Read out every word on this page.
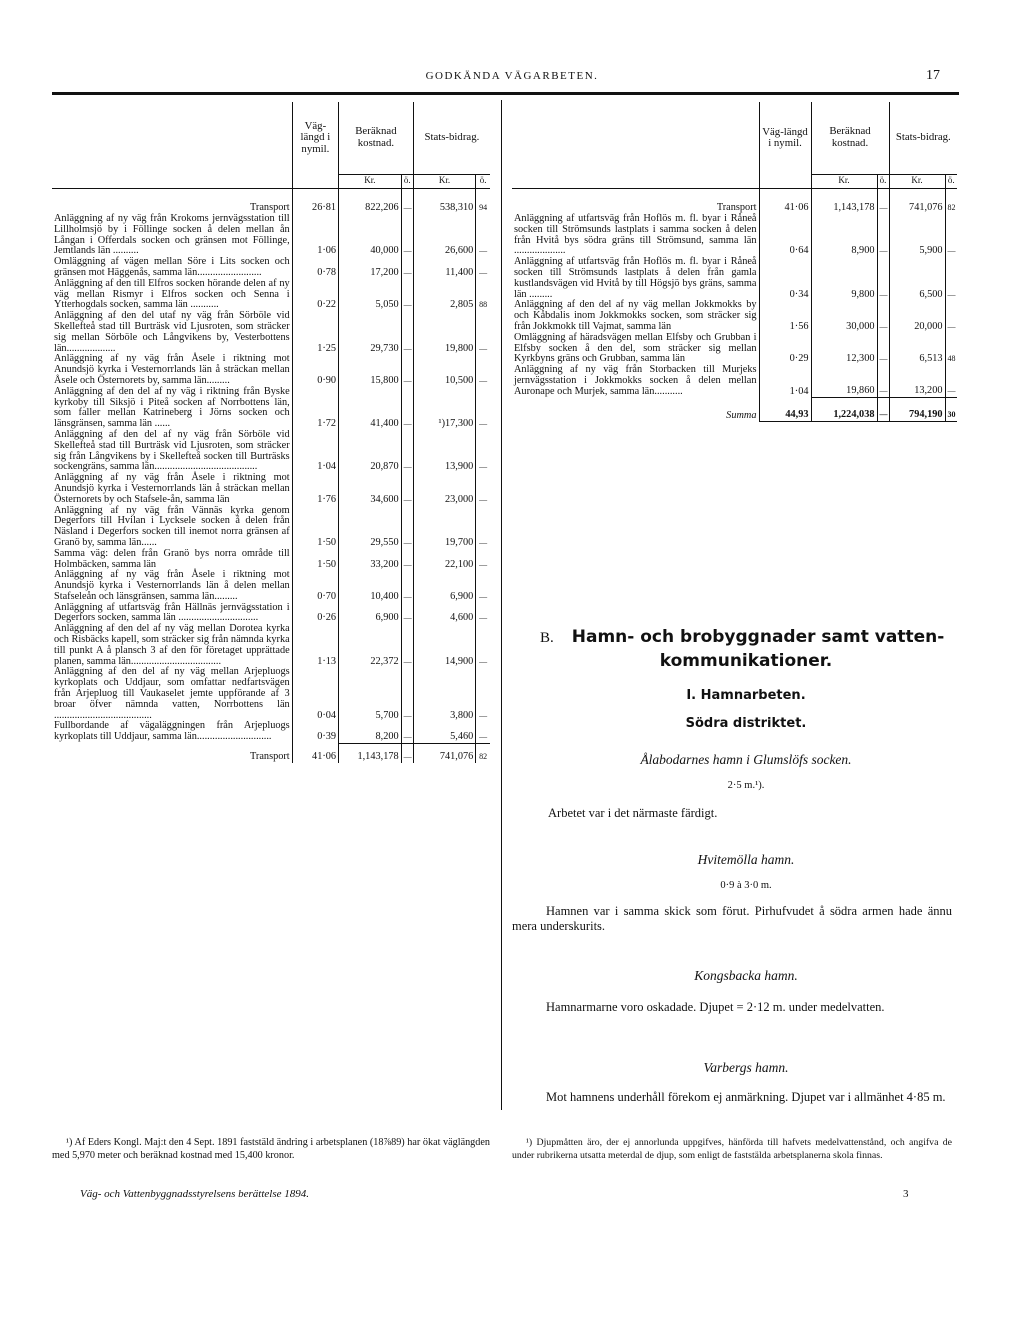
GODKÄNDA VÄGARBETEN.	17
	Väg-längd i nymil.	Beräknad kostnad.		Stats-bidrag.	
		Kr.	ö.	Kr.	ö.
Transport	26·81	822,206	—	538,310	94
Anläggning af ny väg från Krokoms jernvägsstation till Lillholmsjö by i Föllinge socken å delen mellan ån Långan i Offerdals socken och gränsen mot Föllinge, Jemtlands län ..........	1·06	40,000	—	26,600	—
Omläggning af vägen mellan Söre i Lits socken och gränsen mot Häggenås, samma län.........................	0·78	17,200	—	11,400	—
Anläggning af den till Elfros socken hörande delen af ny väg mellan Rismyr i Elfros socken och Senna i Ytterhogdals socken, samma län ...........	0·22	5,050	—	2,805	88
Anläggning af den del utaf ny väg från Sörböle vid Skellefteå stad till Burträsk vid Ljusroten, som sträcker sig mellan Sörböle och Långvikens by, Vesterbottens län...................	1·25	29,730	—	19,800	—
Anläggning af ny väg från Åsele i riktning mot Anundsjö kyrka i Vesternorrlands län å sträckan mellan Åsele och Östernorets by, samma län.........	0·90	15,800	—	10,500	—
Anläggning af den del af ny väg i riktning från Byske kyrkoby till Siksjö i Piteå socken af Norrbottens län, som faller mellan Katrineberg i Jörns socken och länsgränsen, samma län ......	1·72	41,400	—	¹)17,300	—
Anläggning af den del af ny väg från Sörböle vid Skellefteå stad till Burträsk vid Ljusroten, som sträcker sig från Långvikens by i Skellefteå socken till Burträsks sockengräns, samma län........................................	1·04	20,870	—	13,900	—
Anläggning af ny väg från Åsele i riktning mot Anundsjö kyrka i Vesternorrlands län å sträckan mellan Östernorets by och Stafsele-ån, samma län	1·76	34,600	—	23,000	—
Anläggning af ny väg från Vännäs kyrka genom Degerfors till Hvilan i Lycksele socken å delen från Näsland i Degerfors socken till inemot norra gränsen af Granö by, samma län......	1·50	29,550	—	19,700	—
Samma väg: delen från Granö bys norra område till Holmbäcken, samma län	1·50	33,200	—	22,100	—
Anläggning af ny väg från Åsele i riktning mot Anundsjö kyrka i Vesternorrlands län å delen mellan Stafseleån och länsgränsen, samma län.........	0·70	10,400	—	6,900	—
Anläggning af utfartsväg från Hällnäs jernvägsstation i Degerfors socken, samma län ...............................	0·26	6,900	—	4,600	—
Anläggning af den del af ny väg mellan Dorotea kyrka och Risbäcks kapell, som sträcker sig från nämnda kyrka till punkt A å plansch 3 af den för företaget upprättade planen, samma län...................................	1·13	22,372	—	14,900	—
Anläggning af den del af ny väg mellan Arjepluogs kyrkoplats och Uddjaur, som omfattar nedfartsvägen från Arjepluog till Vaukaselet jemte uppförande af 3 broar öfver nämnda vatten, Norrbottens län ......................................	0·04	5,700	—	3,800	—
Fullbordande af vägaläggningen från Arjepluogs kyrkoplats till Uddjaur, samma län.............................	0·39	8,200	—	5,460	—
Transport	41·06	1,143,178	—	741,076	82
	Väg-längd i nymil.	Beräknad kostnad.		Stats-bidrag.	
		Kr.	ö.	Kr.	ö.
Transport	41·06	1,143,178	—	741,076	82
Anläggning af utfartsväg från Hoflös m. fl. byar i Råneå socken till Strömsunds lastplats i samma socken å delen från Hvitå bys södra gräns till Strömsund, samma län ....................	0·64	8,900	—	5,900	—
Anläggning af utfartsväg från Hoflös m. fl. byar i Råneå socken till Strömsunds lastplats å delen från gamla kustlandsvägen vid Hvitå by till Högsjö bys gräns, samma län .........	0·34	9,800	—	6,500	—
Anläggning af den del af ny väg mellan Jokkmokks by och Kåbdalis inom Jokkmokks socken, som sträcker sig från Jokkmokk till Vajmat, samma län	1·56	30,000	—	20,000	—
Omläggning af häradsvägen mellan Elfsby och Grubban i Elfsby socken å den del, som sträcker sig mellan Kyrkbyns gräns och Grubban, samma län	0·29	12,300	—	6,513	48
Anläggning af ny väg från Storbacken till Murjeks jernvägsstation i Jokkmokks socken å delen mellan Auronape och Murjek, samma län...........	1·04	19,860	—	13,200	—
Summa	44,93	1,224,038	—	794,190	30
B. Hamn- och brobyggnader samt vatten-
kommunikationer.
I. Hamnarbeten.
Södra distriktet.
Ålabodarnes hamn i Glumslöfs socken.
2·5 m.¹).
Arbetet var i det närmaste färdigt.
Hvitemölla hamn.
0·9 à 3·0 m.
Hamnen var i samma skick som förut. Pirhufvudet å södra armen hade ännu mera underskurits.
Kongsbacka hamn.
Hamnarmarne voro oskadade. Djupet = 2·12 m. under medelvatten.
Varbergs hamn.
Mot hamnens underhåll förekom ej anmärkning. Djupet var i allmänhet 4·85 m.
¹) Af Eders Kongl. Maj:t den 4 Sept. 1891 faststäld ändring i arbetsplanen (18⅞89) har ökat väglängden med 5,970 meter och beräknad kostnad med 15,400 kronor.
¹) Djupmåtten äro, der ej annorlunda uppgifves, hänförda till hafvets medelvattenstånd, och angifva de under rubrikerna utsatta meterdal de djup, som enligt de faststälda arbetsplanerna skola finnas.
Väg- och Vattenbyggnadsstyrelsens berättelse 1894.	3
